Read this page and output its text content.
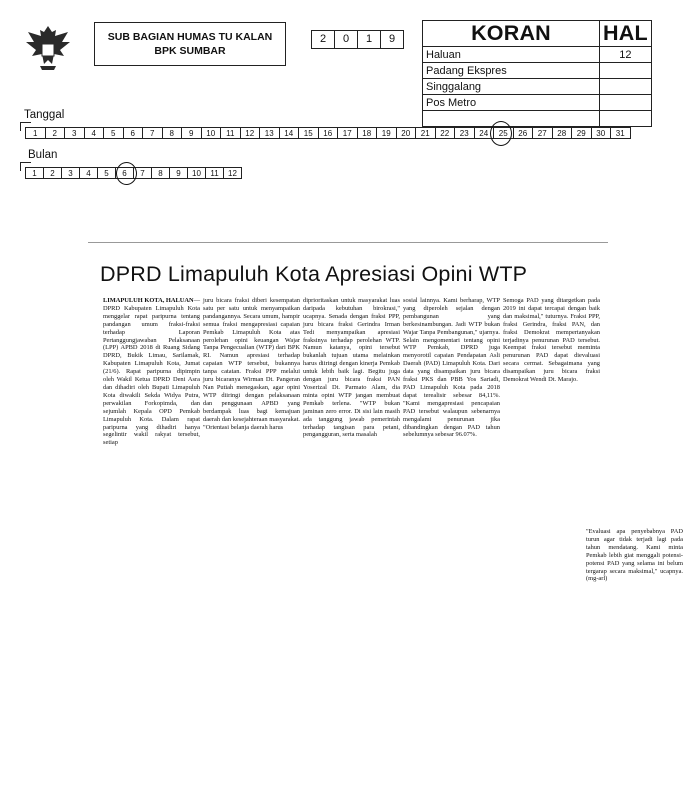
SUB BAGIAN HUMAS TU KALAN
BPK SUMBAR
2	0	1	9	KORAN	HAL
Haluan	12
Padang Ekspres	
Singgalang	
Pos Metro	

Tanggal
1	2	3	4	5	6	7	8	9	10	11	12	13	14	15	16	17	18	19	20	21	22	23	24	25	26	27	28	29	30	31
Bulan
1	2	3	4	5	6	7	8	9	10	11	12
DPRD Limapuluh Kota Apresiasi Opini WTP
LIMAPULUH KOTA, HALUAN— DPRD Kabupaten Limapuluh Kota menggelar rapat paripurna tentang pandangan umum fraksi-fraksi terhadap Laporan Pertanggungjawaban Pelaksanaan (LPP) APBD 2018 di Ruang Sidang DPRD, Bukik Limau, Sarilamak, Kabupaten Limapuluh Kota, Jumat (21/6). Rapat paripurna dipimpin oleh Wakil Ketua DPRD Deni Asra dan dihadiri oleh Bupati Limapuluh Kota diwakili Sekda Widya Putra, perwakilan Forkopimda, dan sejumlah Kepala OPD Pemkab Limapuluh Kota. Dalam rapat paripurna yang dihadiri hanya segelintir wakil rakyat tersebut, setiap
juru bicara fraksi diberi kesempatan satu per satu untuk menyampaikan pandangannya. Secara umum, hampir semua fraksi mengapresiasi capaian Pemkab Limapuluh Kota atas perolehan opini keuangan Wajar Tanpa Pengecualian (WTP) dari BPK RI. Namun apresiasi terhadap capaian WTP tersebut, bukannya tanpa catatan. Fraksi PPP melalui juru bicaranya Wirman Dt. Pangeran Nan Putiah menegaskan, agar opini WTP diiringi dengan pelaksanaan dan penggunaan APBD yang berdampak luas bagi kemajuan daerah dan kesejahteraan masyarakat. "Orientasi belanja daerah harus
diprioritaskan untuk masyarakat luas daripada kebutuhan birokrasi," ucapnya. Senada dengan fraksi PPP, juru bicara fraksi Gerindra Irman Tedi menyampaikan apresiasi fraksinya terhadap perolehan WTP. Namun katanya, opini tersebut bukanlah tujuan utama melainkan harus diiringi dengan kinerja Pemkab untuk lebih baik lagi. Begitu juga dengan juru bicara fraksi PAN Yoserizal Dt. Parmato Alam, dia minta opini WTP jangan membuat Pemkab terlena. "WTP bukan jaminan zero error. Di sisi lain masih ada tanggung jawab pemerintah terhadap tangisan para petani, pengangguran, serta masalah
sosial lainnya. Kami berharap, WTP yang diperoleh sejalan dengan pembangunan yang berkesinambungan. Jadi WTP bukan Wajar Tanpa Pembangunan," ujarnya. Selain mengomentari tentang opini WTP Pemkab, DPRD juga menyorotil capaian Pendapatan Asli Daerah (PAD) Limapuluh Kota. Dari data yang disampaikan juru bicara fraksi PKS dan PBB Yos Sariadi, PAD Limapuluh Kota pada 2018 dapat terealisir sebesar 84,11%. "Kami mengapresiasi pencapaian PAD tersebut walaupun sebenarnya mengalami penurunan jika dibandingkan dengan PAD tahun sebelumnya sebesar 96.07%.
Semoga PAD yang ditargetkan pada 2019 ini dapat tercapai dengan baik dan maksimal," tuturnya. Fraksi PPP, fraksi Gerindra, fraksi PAN, dan fraksi Demokrat mempertanyakan terjadinya penurunan PAD tersebut. Keempat fraksi tersebut meminta penurunan PAD dapat dievaluasi secara cermat. Sebagaimana yang disampaikan juru bicara fraksi Demokrat Wendi Dt. Marajo.
"Evaluasi apa penyebabnya PAD turun agar tidak terjadi lagi pada tahun mendatang. Kami minta Pemkab lebih giat menggali potensi-potensi PAD yang selama ini belum tergarap secara maksimal," ucapnya.(mg-arl)
